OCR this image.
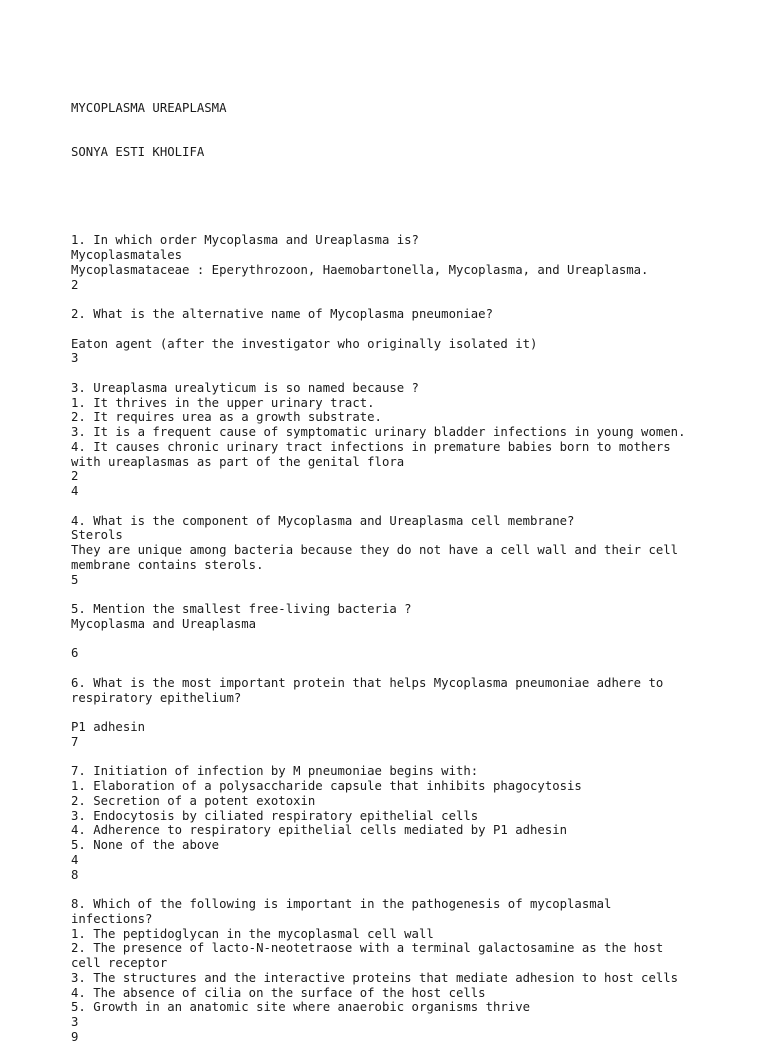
MYCOPLASMA UREAPLASMA

SONYA ESTI KHOLIFA

1. In which order Mycoplasma and Ureaplasma is?
Mycoplasmatales
Mycoplasmataceae : Eperythrozoon, Haemobartonella, Mycoplasma, and Ureaplasma.
2
2. What is the alternative name of Mycoplasma pneumoniae?
Eaton agent (after the investigator who originally isolated it)
3
3. Ureaplasma urealyticum is so named because ?
1. It thrives in the upper urinary tract.
2. It requires urea as a growth substrate.
3. It is a frequent cause of symptomatic urinary bladder infections in young women.
4. It causes chronic urinary tract infections in premature babies born to mothers
with ureaplasmas as part of the genital flora
2
4
4. What is the component of Mycoplasma and Ureaplasma cell membrane?
Sterols
They are unique among bacteria because they do not have a cell wall and their cell
membrane contains sterols.
5
5. Mention the smallest free-living bacteria ?
Mycoplasma and Ureaplasma
6
6. What is the most important protein that helps Mycoplasma pneumoniae adhere to
respiratory epithelium?
P1 adhesin
7
7. Initiation of infection by M pneumoniae begins with:
1. Elaboration of a polysaccharide capsule that inhibits phagocytosis
2. Secretion of a potent exotoxin
3. Endocytosis by ciliated respiratory epithelial cells
4. Adherence to respiratory epithelial cells mediated by P1 adhesin
5. None of the above
4
8
8. Which of the following is important in the pathogenesis of mycoplasmal
infections?
1. The peptidoglycan in the mycoplasmal cell wall
2. The presence of lacto-N-neotetraose with a terminal galactosamine as the host
cell receptor
3. The structures and the interactive proteins that mediate adhesion to host cells
4. The absence of cilia on the surface of the host cells
5. Growth in an anatomic site where anaerobic organisms thrive
3
9
